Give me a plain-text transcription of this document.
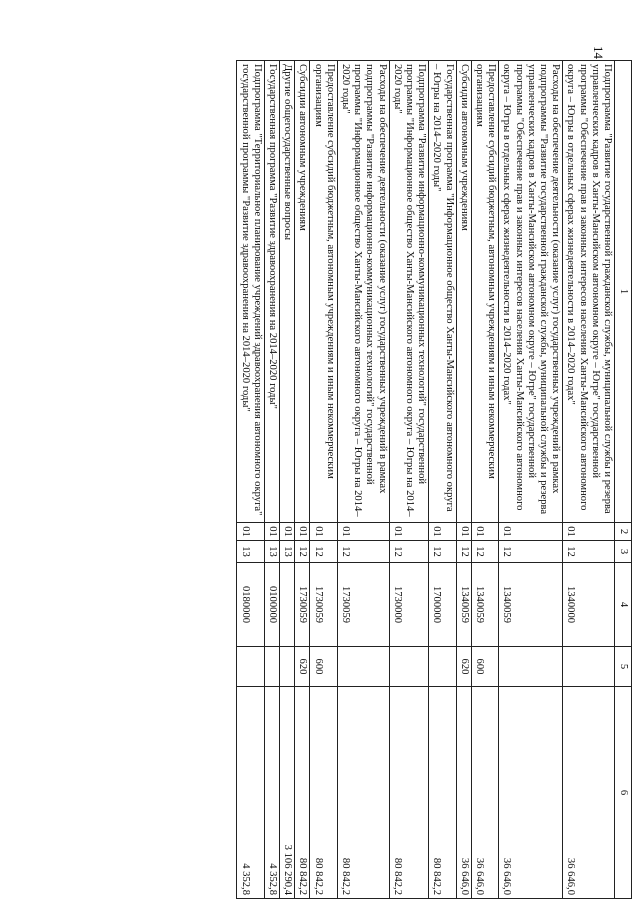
14
1	2	3	4	5	6
Подпрограмма "Развитие государственной гражданской службы, муниципальной службы и резерва управленческих кадров в Ханты-Мансийском автономном округе – Югре" государственной программы "Обеспечение прав и законных интересов населения Ханты-Мансийского автономного округа – Югры в отдельных сферах жизнедеятельности в 2014–2020 годах"	01	12	1340000		36 646,0
Расходы на обеспечение деятельности (оказание услуг) государственных учреждений в рамках подпрограммы "Развитие государственной гражданской службы, муниципальной службы и резерва управленческих кадров в Ханты-Мансийском автономном округе – Югре" государственной программы "Обеспечение прав и законных интересов населения Ханты-Мансийского автономного округа – Югры в отдельных сферах жизнедеятельности в 2014–2020 годах"	01	12	1340059		36 646,0
Предоставление субсидий бюджетным, автономным учреждениям и иным некоммерческим организациям	01	12	1340059	600	36 646,0
Субсидии автономным учреждениям	01	12	1340059	620	36 646,0
Государственная программа "Информационное общество Ханты-Мансийского автономного округа – Югры на 2014–2020 годы"	01	12	1700000		80 842,2
Подпрограмма "Развитие информационно-коммуникационных технологий" государственной программы "Информационное общество Ханты-Мансийского автономного округа – Югры на 2014–2020 годы"	01	12	1730000		80 842,2
Расходы на обеспечение деятельности (оказание услуг) государственных учреждений в рамках подпрограммы "Развитие информационно-коммуникационных технологий" государственной программы "Информационное общество Ханты-Мансийского автономного округа – Югры на 2014–2020 годы"	01	12	1730059		80 842,2
Предоставление субсидий бюджетным, автономным учреждениям и иным некоммерческим организациям	01	12	1730059	600	80 842,2
Субсидии автономным учреждениям	01	12	1730059	620	80 842,2
Другие общегосударственные вопросы	01	13			3 106 290,4
Государственная программа "Развитие здравоохранения на 2014–2020 годы"	01	13	0100000		4 352,8
Подпрограмма "Территориальное планирование учреждений здравоохранения автономного округа" государственной программы "Развитие здравоохранения на 2014–2020 годы"	01	13	0180000		4 352,8
